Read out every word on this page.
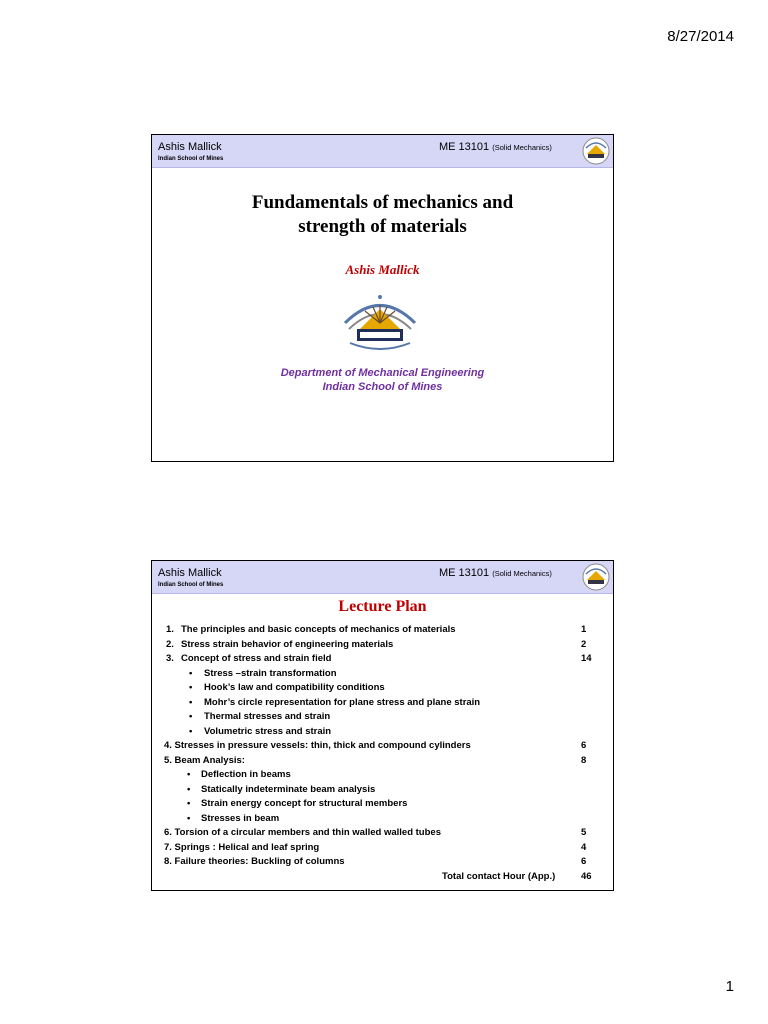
8/27/2014
Ashis Mallick
Indian School of Mines
ME 13101 (Solid Mechanics)
Fundamentals of mechanics and
strength of materials
Ashis Mallick
Department of Mechanical Engineering
Indian School of Mines
Ashis Mallick
Indian School of Mines
ME 13101 (Solid Mechanics)
Lecture Plan
1. The principles and basic concepts of mechanics of materials	1
2. Stress strain behavior of engineering materials	2
3. Concept of stress and strain field	14
• Stress –strain transformation
• Hook’s law and compatibility conditions
• Mohr’s circle representation for plane stress and plane strain
• Thermal stresses and strain
• Volumetric stress and strain
4. Stresses in pressure vessels: thin, thick and compound cylinders	6
5. Beam Analysis:	8
• Deflection in beams
• Statically indeterminate beam analysis
• Strain energy concept for structural members
• Stresses in beam
6. Torsion of a circular members and thin walled walled tubes	5
7. Springs : Helical and leaf spring	4
8. Failure theories: Buckling of columns	6
Total contact Hour (App.)	46
1
